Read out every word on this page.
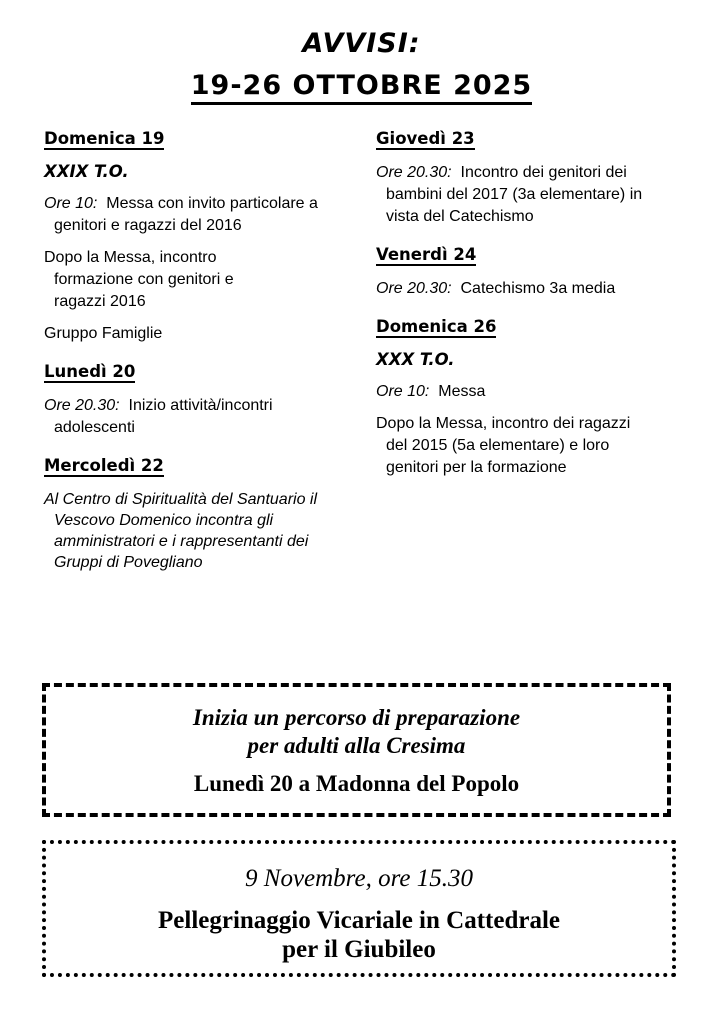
AVVISI:
19-26 OTTOBRE 2025
Domenica 19
XXIX T.O.
Ore 10: Messa con invito particolare a genitori e ragazzi del 2016
Dopo la Messa, incontro formazione con genitori e ragazzi 2016
Gruppo Famiglie
Lunedì 20
Ore 20.30: Inizio attività/incontri adolescenti
Mercoledì 22
Al Centro di Spiritualità del Santuario il Vescovo Domenico incontra gli amministratori e i rappresentanti dei Gruppi di Povegliano
Giovedì 23
Ore 20.30: Incontro dei genitori dei bambini del 2017 (3a elementare) in vista del Catechismo
Venerdì 24
Ore 20.30: Catechismo 3a media
Domenica 26
XXX T.O.
Ore 10: Messa
Dopo la Messa, incontro dei ragazzi del 2015 (5a elementare) e loro genitori per la formazione
Inizia un percorso di preparazione
per adulti alla Cresima
Lunedì 20 a Madonna del Popolo
9 Novembre, ore 15.30
Pellegrinaggio Vicariale in Cattedrale
per il Giubileo
